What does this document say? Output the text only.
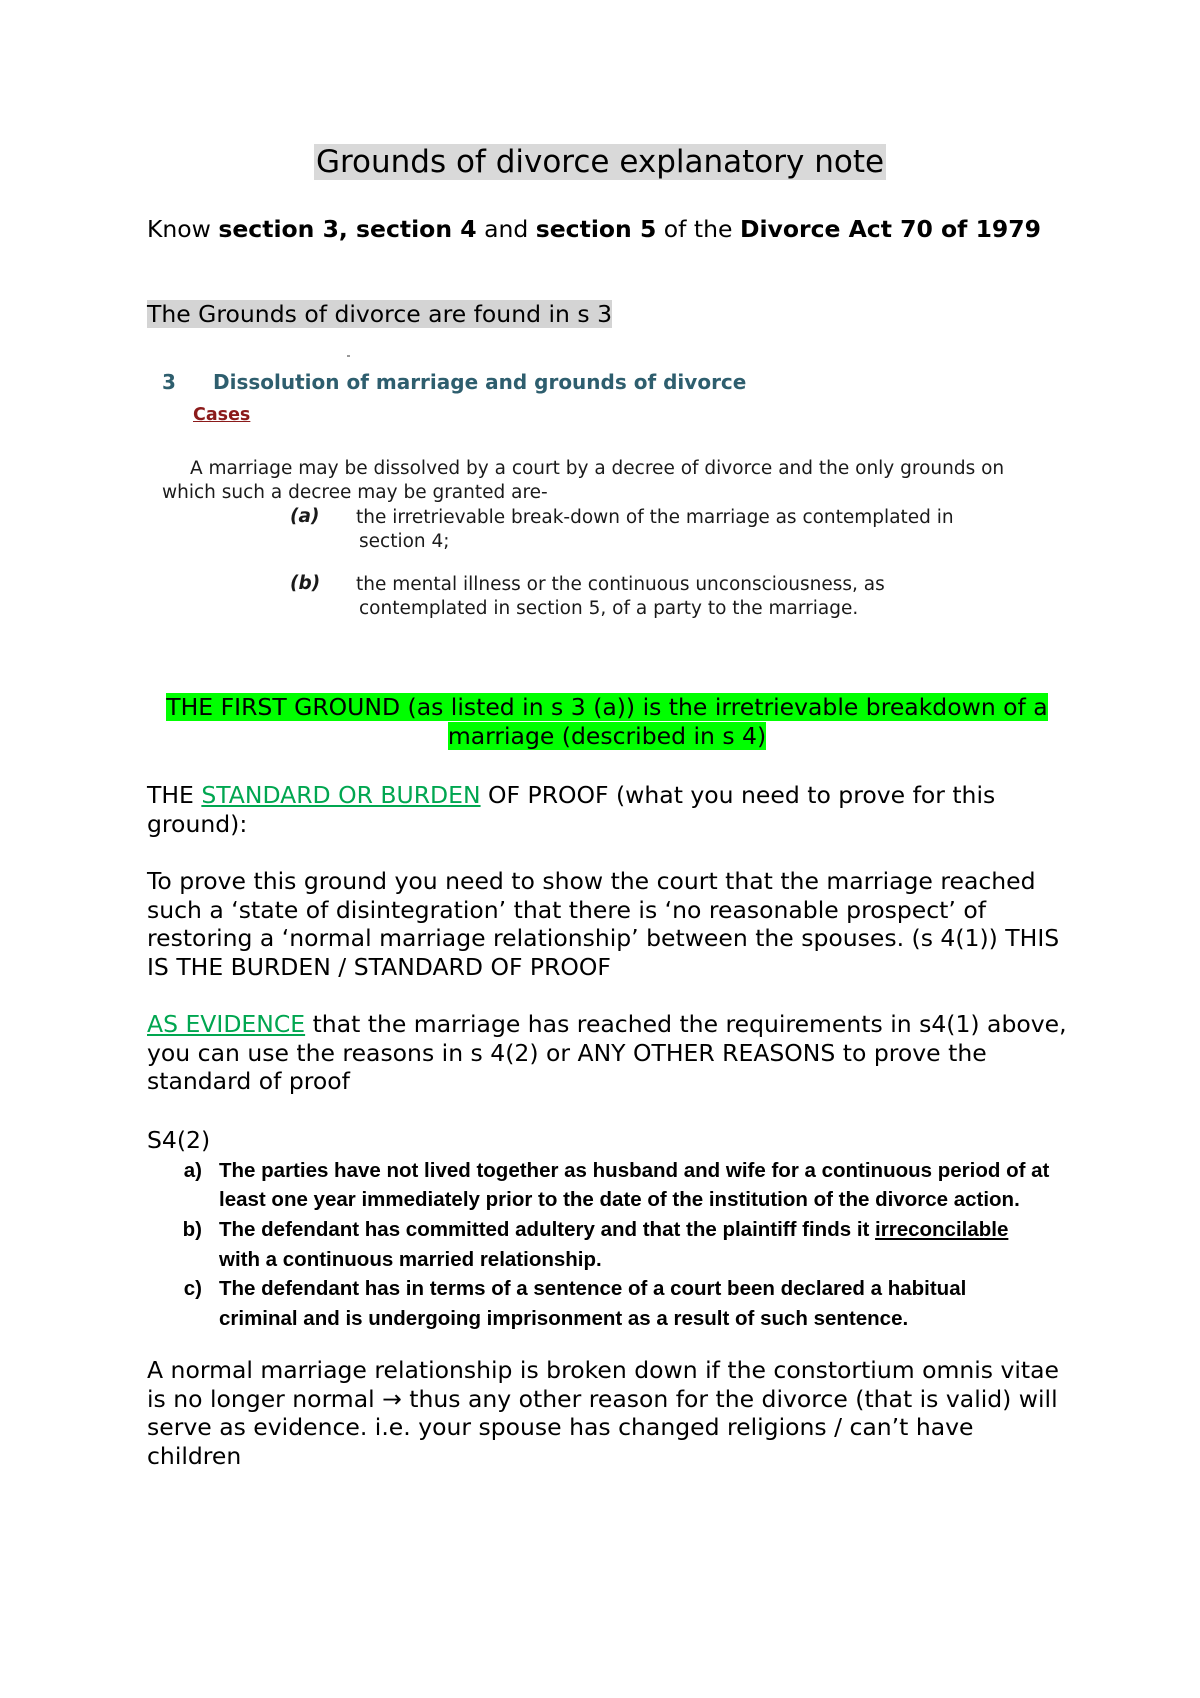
Grounds of divorce explanatory note
Know section 3, section 4 and section 5 of the Divorce Act 70 of 1979
The Grounds of divorce are found in s 3
3 Dissolution of marriage and grounds of divorce
Cases
A marriage may be dissolved by a court by a decree of divorce and the only grounds on which such a decree may be granted are-
(a) the irretrievable break-down of the marriage as contemplated in
section 4;
(b) the mental illness or the continuous unconsciousness, as
contemplated in section 5, of a party to the marriage.
THE FIRST GROUND (as listed in s 3 (a)) is the irretrievable breakdown of a
marriage (described in s 4)
THE STANDARD OR BURDEN OF PROOF (what you need to prove for this ground):
To prove this ground you need to show the court that the marriage reached such a ‘state of disintegration’ that there is ‘no reasonable prospect’ of restoring a ‘normal marriage relationship’ between the spouses. (s 4(1)) THIS IS THE BURDEN / STANDARD OF PROOF
AS EVIDENCE that the marriage has reached the requirements in s4(1) above, you can use the reasons in s 4(2) or ANY OTHER REASONS to prove the standard of proof
S4(2)
a) The parties have not lived together as husband and wife for a continuous period of at
least one year immediately prior to the date of the institution of the divorce action.
b) The defendant has committed adultery and that the plaintiff finds it irreconcilable
with a continuous married relationship.
c) The defendant has in terms of a sentence of a court been declared a habitual
criminal and is undergoing imprisonment as a result of such sentence.
A normal marriage relationship is broken down if the constortium omnis vitae is no longer normal → thus any other reason for the divorce (that is valid) will serve as evidence. i.e. your spouse has changed religions / can’t have children
